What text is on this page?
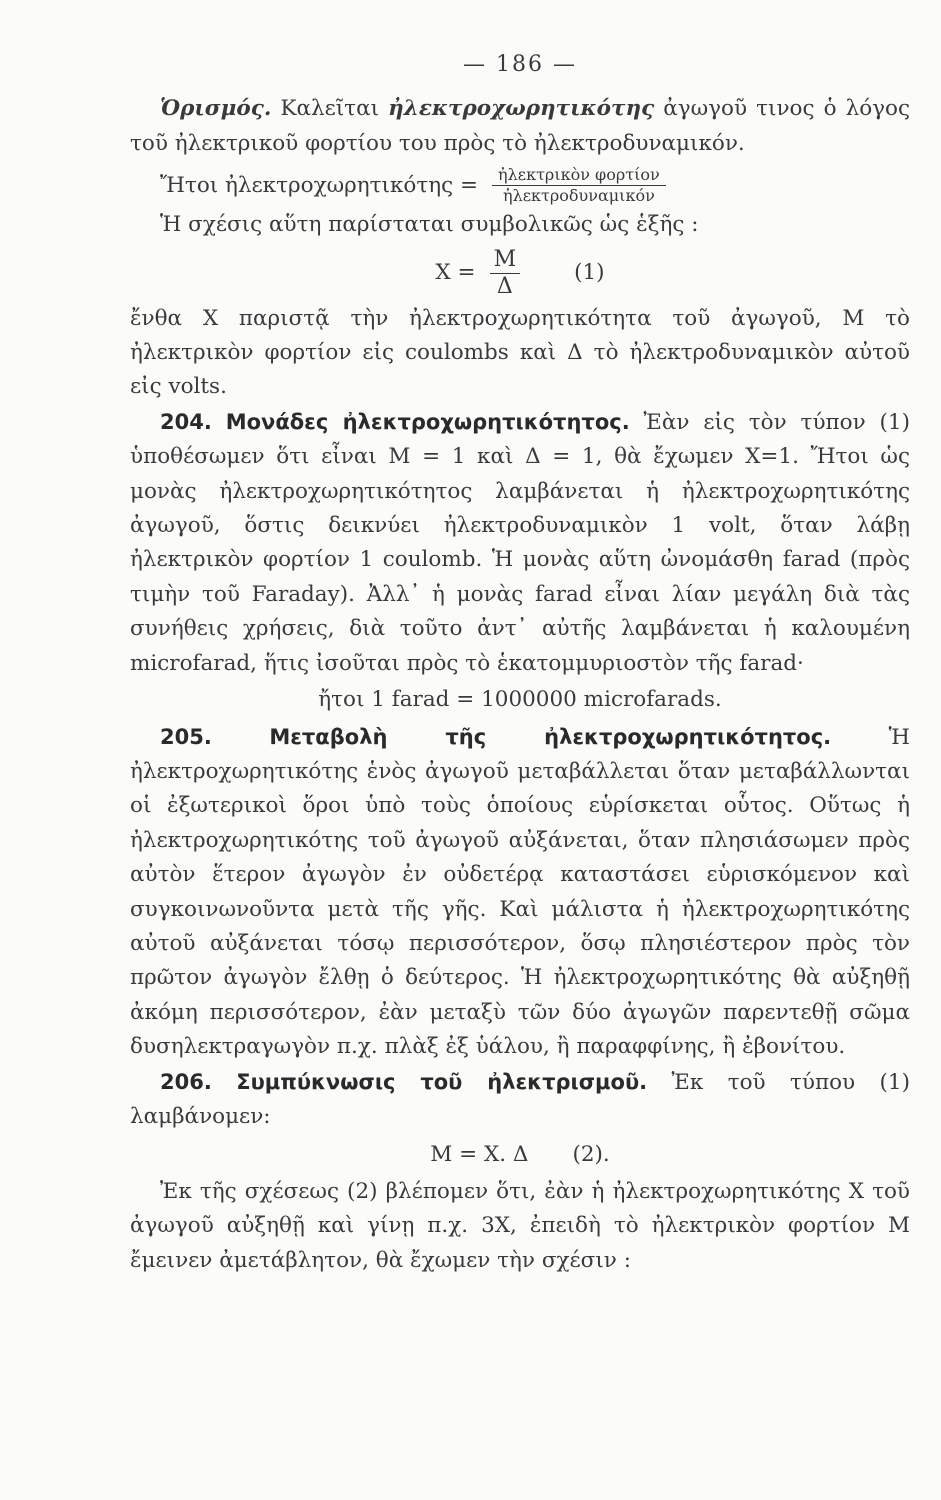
— 186 —

Ὁρισμός. Καλεῖται ἠλεκτροχωρητικότης ἀγωγοῦ τινος ὁ λόγος τοῦ ἠλεκτρικοῦ φορτίου του πρὸς τὸ ἠλεκτροδυναμικόν.

Ἤτοι ἠλεκτροχωρητικότης = $\frac{\text{ἠλεκτρικὸν φορτίον}}{\text{ἠλεκτροδυναμικόν}}$

Ἡ σχέσις αὕτη παρίσταται συμβολικῶς ὡς ἑξῆς :

$X = \frac{M}{\Delta}$	(1)

ἔνθα X παριστᾷ τὴν ἠλεκτροχωρητικότητα τοῦ ἀγωγοῦ, M τὸ ἠλεκτρικὸν φορτίον εἰς coulombs καὶ Δ τὸ ἠλεκτροδυναμικὸν αὐτοῦ εἰς volts.

204. Μονάδες ἠλεκτροχωρητικότητος. Ἐὰν εἰς τὸν τύπον (1) ὑποθέσωμεν ὅτι εἶναι M = 1 καὶ Δ = 1, θὰ ἔχωμεν X=1. Ἤτοι ὡς μονὰς ἠλεκτροχωρητικότητος λαμβάνεται ἡ ἠλεκτροχωρητικότης ἀγωγοῦ, ὅστις δεικνύει ἠλεκτροδυναμικὸν 1 volt, ὅταν λάβῃ ἠλεκτρικὸν φορτίον 1 coulomb. Ἡ μονὰς αὕτη ὠνομάσθη farad (πρὸς τιμὴν τοῦ Faraday). Ἀλλ᾽ ἡ μονὰς farad εἶναι λίαν μεγάλη διὰ τὰς συνήθεις χρήσεις, διὰ τοῦτο ἀντ᾽ αὐτῆς λαμβάνεται ἡ καλουμένη microfarad, ἥτις ἰσοῦται πρὸς τὸ ἑκατομμυριοστὸν τῆς farad·

ἤτοι 1 farad = 1000000 microfarads.

205.	Μεταβολὴ τῆς ἠλεκτροχωρητικότητος.	Ἡ ἠλεκτροχωρητικότης ἑνὸς ἀγωγοῦ μεταβάλλεται ὅταν μεταβάλλωνται οἱ ἐξωτερικοὶ ὅροι ὑπὸ τοὺς ὁποίους εὑρίσκεται οὗτος. Οὕτως ἡ ἠλεκτροχωρητικότης τοῦ ἀγωγοῦ αὐξάνεται, ὅταν πλησιάσωμεν πρὸς αὐτὸν ἕτερον ἀγωγὸν ἐν οὐδετέρᾳ καταστάσει εὑρισκόμενον καὶ συγκοινωνοῦντα μετὰ τῆς γῆς. Καὶ μάλιστα ἡ ἠλεκτροχωρητικότης αὐτοῦ αὐξάνεται τόσῳ περισσότερον, ὅσῳ πλησιέστερον πρὸς τὸν πρῶτον ἀγωγὸν ἔλθῃ ὁ δεύτερος. Ἡ ἠλεκτροχωρητικότης θὰ αὐξηθῇ ἀκόμη περισσότερον, ἐὰν μεταξὺ τῶν δύο ἀγωγῶν παρεντεθῇ σῶμα δυσηλεκτραγωγὸν π.χ. πλὰξ ἐξ ὑάλου, ἢ παραφφίνης, ἢ ἐβονίτου.

206. Συμπύκνωσις τοῦ ἠλεκτρισμοῦ. Ἐκ τοῦ τύπου (1) λαμβάνομεν:

M = X. Δ (2).

Ἐκ τῆς σχέσεως (2) βλέπομεν ὅτι, ἐὰν ἡ ἠλεκτροχωρητικότης X τοῦ ἀγωγοῦ αὐξηθῇ καὶ γίνῃ π.χ. 3X, ἐπειδὴ τὸ ἠλεκτρικὸν φορτίον M ἔμεινεν ἀμετάβλητον, θὰ ἔχωμεν τὴν σχέσιν :
